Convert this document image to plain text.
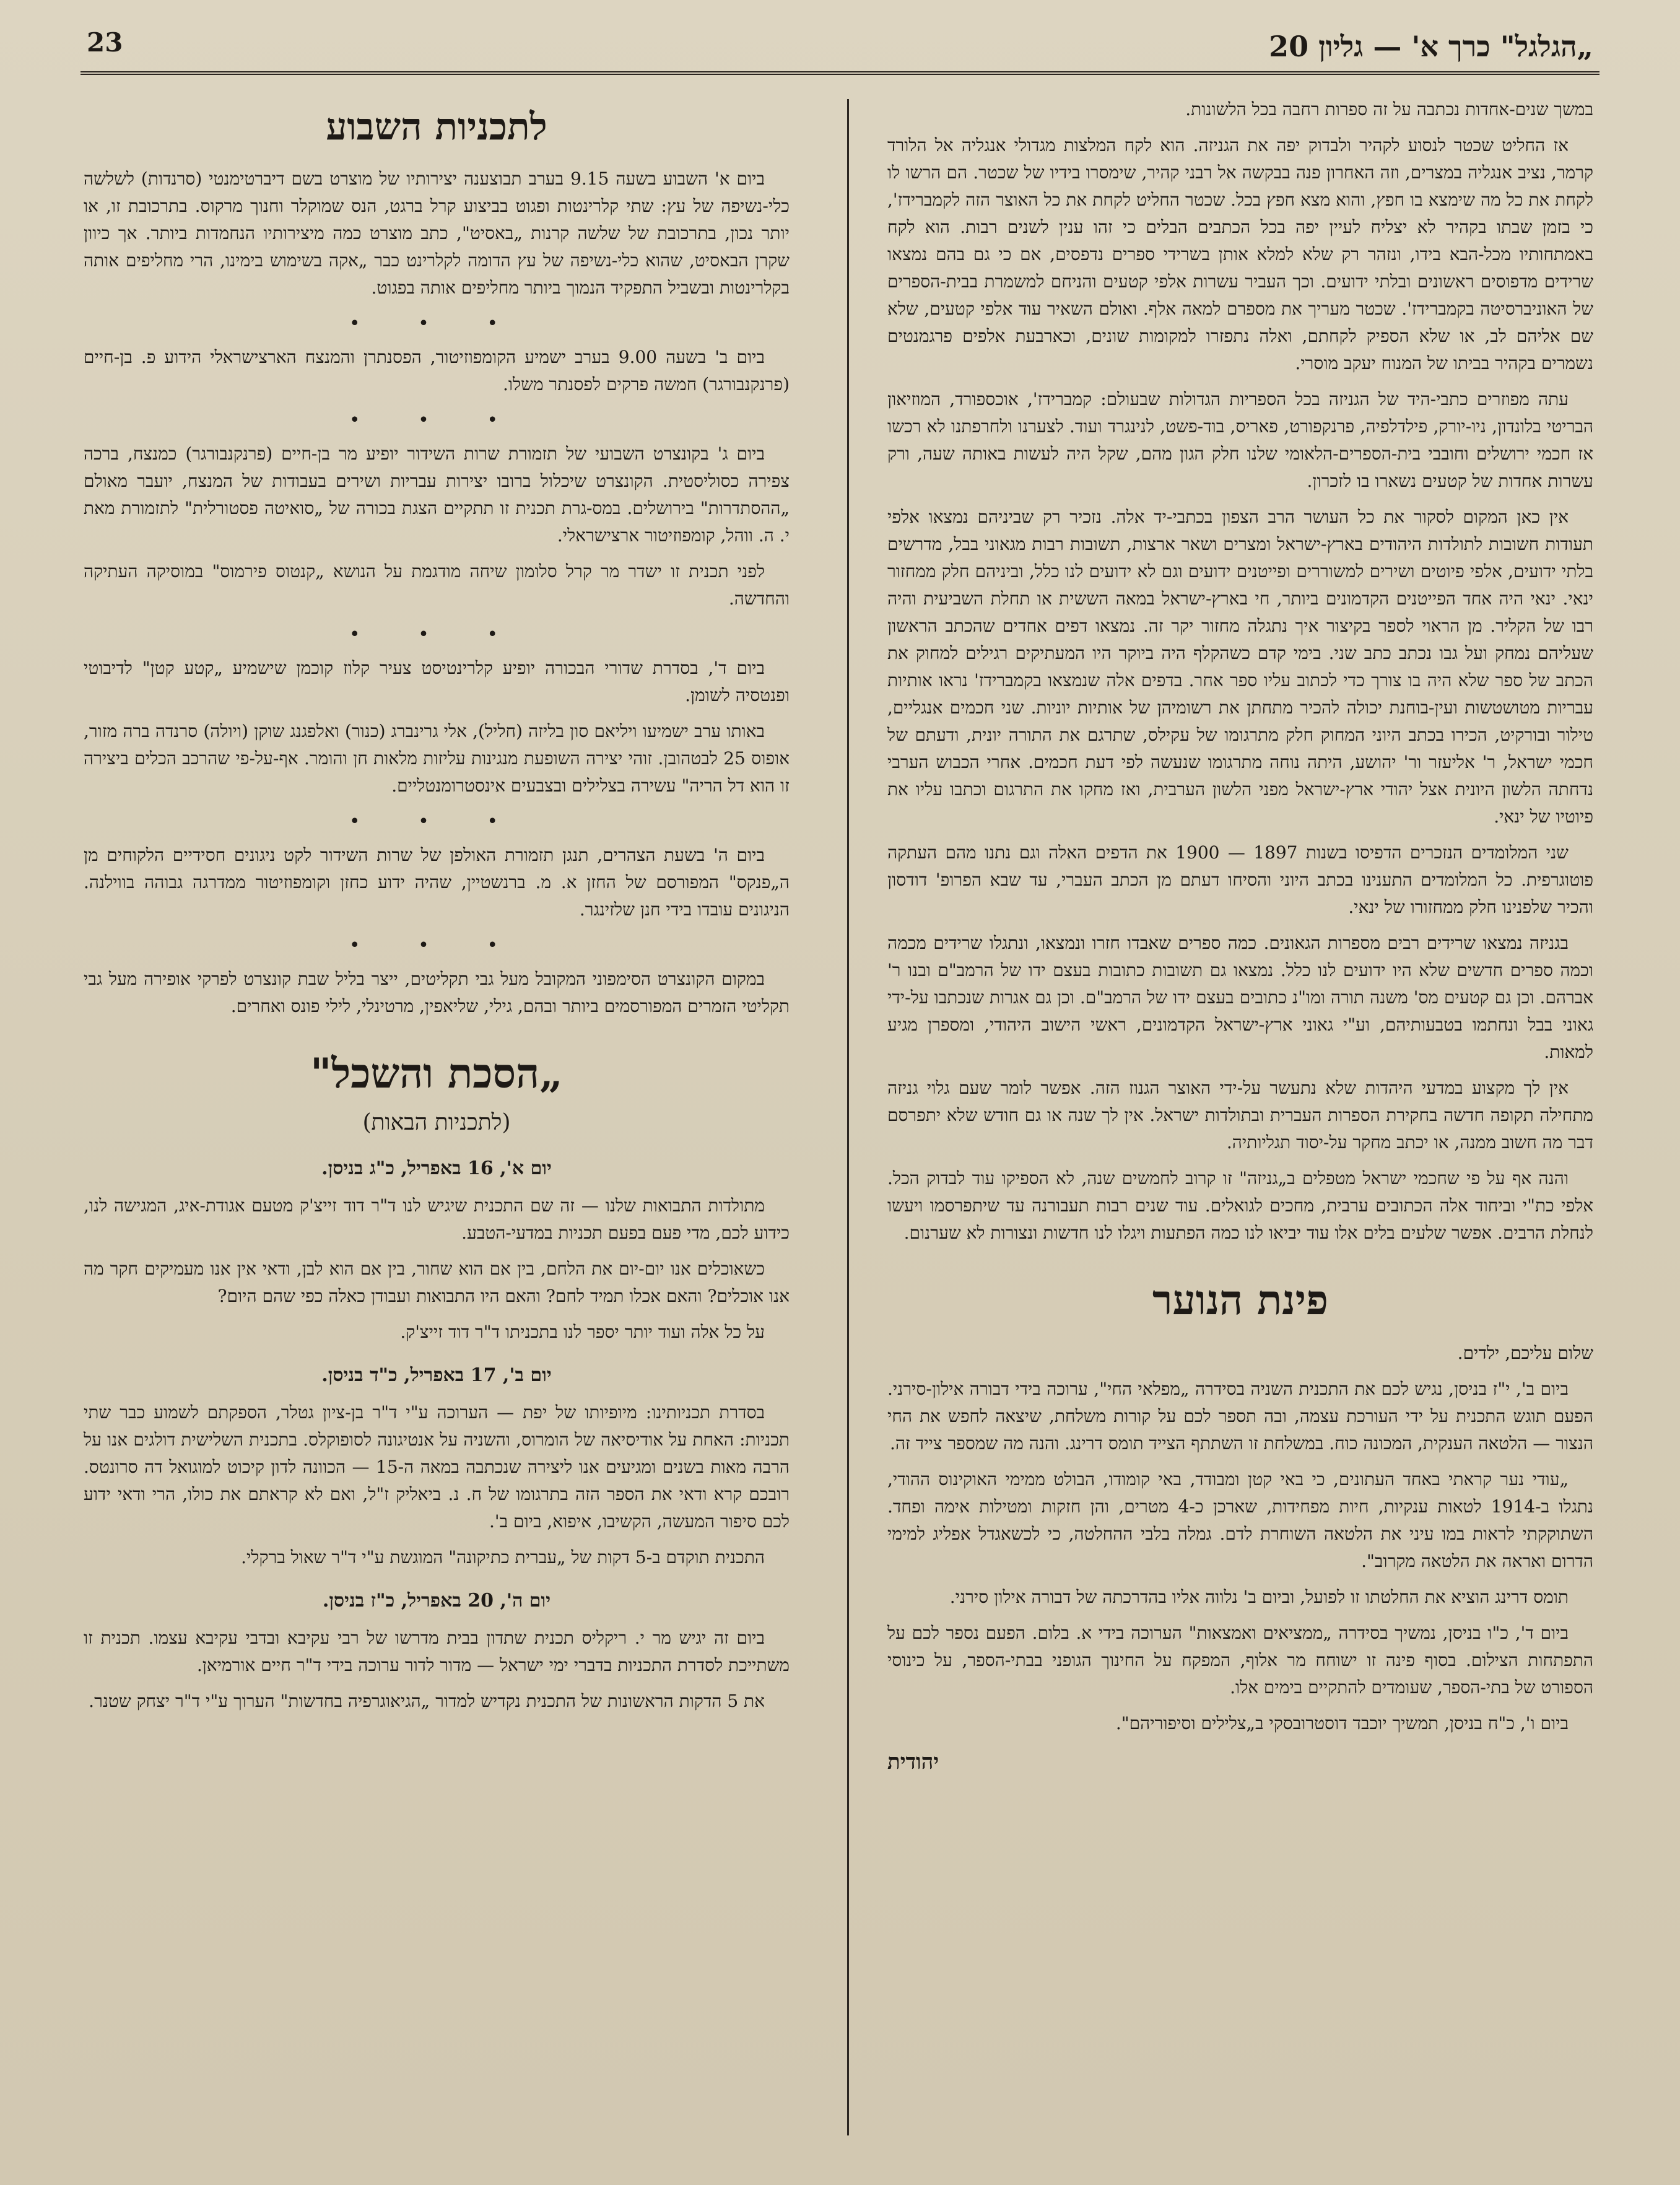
23	„הגלגל" כרך א' — גליון 20

במשך שנים-אחדות נכתבה על זה ספרות רחבה בכל הלשונות.

אז החליט שכטר לנסוע לקהיר ולבדוק יפה את הגניזה. הוא לקח המלצות מגדולי אנגליה אל הלורד קרמר, נציב אנגליה במצרים, וזה האחרון פנה בבקשה אל רבני קהיר, שימסרו בידיו של שכטר. הם הרשו לו לקחת את כל מה שימצא בו חפץ, והוא מצא חפץ בכל. שכטר החליט לקחת את כל האוצר הזה לקמברידז', כי בזמן שבתו בקהיר לא יצליח לעיין יפה בכל הכתבים הבלים כי זהו ענין לשנים רבות. הוא לקח באמתחותיו מכל-הבא בידו, ונזהר רק שלא למלא אותן בשרידי ספרים נדפסים, אם כי גם בהם נמצאו שרידים מדפוסים ראשונים ובלתי ידועים. וכך העביר עשרות אלפי קטעים והניחם למשמרת בבית-הספרים של האוניברסיטה בקמברידז'. שכטר מעריך את מספרם למאה אלף. ואולם השאיר עוד אלפי קטעים, שלא שם אליהם לב, או שלא הספיק לקחתם, ואלה נתפזרו למקומות שונים, וכארבעת אלפים פרגמנטים נשמרים בקהיר בביתו של המנוח יעקב מוסרי.

עתה מפוזרים כתבי-היד של הגניזה בכל הספריות הגדולות שבעולם: קמברידז', אוכספורד, המוזיאון הבריטי בלונדון, ניו-יורק, פילדלפיה, פרנקפורט, פאריס, בוד-פשט, לנינגרד ועוד. לצערנו ולחרפתנו לא רכשו אז חכמי ירושלים וחובבי בית-הספרים-הלאומי שלנו חלק הגון מהם, שקל היה לעשות באותה שעה, ורק עשרות אחדות של קטעים נשארו בו לזכרון.

אין כאן המקום לסקור את כל העושר הרב הצפון בכתבי-יד אלה. נזכיר רק שביניהם נמצאו אלפי תעודות חשובות לתולדות היהודים בארץ-ישראל ומצרים ושאר ארצות, תשובות רבות מגאוני בבל, מדרשים בלתי ידועים, אלפי פיוטים ושירים למשוררים ופייטנים ידועים וגם לא ידועים לנו כלל, וביניהם חלק ממחזור ינאי. ינאי היה אחד הפייטנים הקדמונים ביותר, חי בארץ-ישראל במאה הששית או תחלת השביעית והיה רבו של הקליר. מן הראוי לספר בקיצור איך נתגלה מחזור יקר זה. נמצאו דפים אחדים שהכתב הראשון שעליהם נמחק ועל גבו נכתב כתב שני. בימי קדם כשהקלף היה ביוקר היו המעתיקים רגילים למחוק את הכתב של ספר שלא היה בו צורך כדי לכתוב עליו ספר אחר. בדפים אלה שנמצאו בקמברידז' נראו אותיות עבריות מטושטשות ועין-בוחנת יכולה להכיר מתחתן את רשומיהן של אותיות יוניות. שני חכמים אנגליים, טילור ובורקיט, הכירו בכתב היוני המחוק חלק מתרגומו של עקילס, שתרגם את התורה יונית, ודעתם של חכמי ישראל, ר' אליעזר ור' יהושע, היתה נוחה מתרגומו שנעשה לפי דעת חכמים. אחרי הכבוש הערבי נדחתה הלשון היונית אצל יהודי ארץ-ישראל מפני הלשון הערבית, ואז מחקו את התרגום וכתבו עליו את פיוטיו של ינאי.

שני המלומדים הנזכרים הדפיסו בשנות 1897 — 1900 את הדפים האלה וגם נתנו מהם העתקה פוטוגרפית. כל המלומדים התענינו בכתב היוני והסיחו דעתם מן הכתב העברי, עד שבא הפרופ' דודסון והכיר שלפנינו חלק ממחזורו של ינאי.

בגניזה נמצאו שרידים רבים מספרות הגאונים. כמה ספרים שאבדו חזרו ונמצאו, ונתגלו שרידים מכמה וכמה ספרים חדשים שלא היו ידועים לנו כלל. נמצאו גם תשובות כתובות בעצם ידו של הרמב"ם ובנו ר' אברהם. וכן גם קטעים מס' משנה תורה ומו"נ כתובים בעצם ידו של הרמב"ם. וכן גם אגרות שנכתבו על-ידי גאוני בבל ונחתמו בטבעותיהם, וע"י גאוני ארץ-ישראל הקדמונים, ראשי הישוב היהודי, ומספרן מגיע למאות.

אין לך מקצוע במדעי היהדות שלא נתעשר על-ידי האוצר הגנוז הזה. אפשר לומר שעם גלוי גניזה מתחילה תקופה חדשה בחקירת הספרות העברית ובתולדות ישראל. אין לך שנה או גם חודש שלא יתפרסם דבר מה חשוב ממנה, או יכתב מחקר על-יסוד תגליותיה.

והנה אף על פי שחכמי ישראל מטפלים ב„גניזה" זו קרוב לחמשים שנה, לא הספיקו עוד לבדוק הכל. אלפי כת"י וביחוד אלה הכתובים ערבית, מחכים לגואלים. עוד שנים רבות תעבורנה עד שיתפרסמו ויעשו לנחלת הרבים. אפשר שלעים בלים אלו עוד יביאו לנו כמה הפתעות ויגלו לנו חדשות ונצורות לא שערנום.

פינת הנוער

שלום עליכם, ילדים.

ביום ב', י"ז בניסן, נגיש לכם את התכנית השניה בסידרה „מפלאי החי", ערוכה בידי דבורה אילון-סירני. הפעם תוגש התכנית על ידי העורכת עצמה, ובה תספר לכם על קורות משלחת, שיצאה לחפש את החי הנצור — הלטאה הענקית, המכונה כוח. במשלחת זו השתתף הצייד תומס דרינג. והנה מה שמספר צייד זה.

„עודי נער קראתי באחד העתונים, כי באי קטן ומבודד, באי קומודו, הבולט ממימי האוקינוס ההודי, נתגלו ב-1914 לטאות ענקיות, חיות מפחידות, שארכן כ-4 מטרים, והן חזקות ומטילות אימה ופחד. השתוקקתי לראות במו עיני את הלטאה השוחרת לדם. גמלה בלבי ההחלטה, כי לכשאגדל אפליג למימי הדרום ואראה את הלטאה מקרוב".

תומס דרינג הוציא את החלטתו זו לפועל, וביום ב' נלווה אליו בהדרכתה של דבורה אילון סירני.

ביום ד', כ"ו בניסן, נמשיך בסידרה „ממציאים ואמצאות" הערוכה בידי א. בלום. הפעם נספר לכם על התפתחות הצילום. בסוף פינה זו ישוחח מר אלוף, המפקח על החינוך הגופני בבתי-הספר, על כינוסי הספורט של בתי-הספר, שעומדים להתקיים בימים אלו.

ביום ו', כ"ח בניסן, תמשיך יוכבד דוסטרובסקי ב„צלילים וסיפוריהם".

יהודית
לתכניות השבוע

ביום א' השבוע בשעה 9.15 בערב תבוצענה יצירותיו של מוצרט בשם דיברטימנטי (סרנדות) לשלשה כלי-נשיפה של עץ: שתי קלרינטות ופגוט בביצוע קרל ברגט, הנס שמוקלר וחנוך מרקוס. בתרכובת זו, או יותר נכון, בתרכובת של שלשה קרנות „באסיט", כתב מוצרט כמה מיצירותיו הנחמדות ביותר. אך כיוון שקרן הבאסיט, שהוא כלי-נשיפה של עץ הדומה לקלרינט כבר „אקה בשימוש בימינו, הרי מחליפים אותה בקלרינטות ובשביל התפקיד הנמוך ביותר מחליפים אותה בפגוט.

• • •

ביום ב' בשעה 9.00 בערב ישמיע הקומפוזיטור, הפסנתרן והמנצח הארצישראלי הידוע פ. בן-חיים (פרנקנבורגר) חמשה פרקים לפסנתר משלו.

• • •

ביום ג' בקונצרט השבועי של תזמורת שרות השידור יופיע מר בן-חיים (פרנקנבורגר) כמנצח, ברכה צפירה כסוליסטית. הקונצרט שיכלול ברובו יצירות עבריות ושירים בעבודות של המנצח, יועבר מאולם „ההסתדרות" בירושלים. במס-גרת תכנית זו תתקיים הצגת בכורה של „סואיטה פסטורלית" לתזמורת מאת י. ה. ווהל, קומפוזיטור ארצישראלי.

לפני תכנית זו ישדר מר קרל סלומון שיחה מודגמת על הנושא „קנטוס פירמוס" במוסיקה העתיקה והחדשה.

• • •

ביום ד', בסדרת שדורי הבכורה יופיע קלרינטיסט צעיר קלוז קוכמן שישמיע „קטע קטן" לדיבוטי ופנטסיה לשומן.

באותו ערב ישמיעו ויליאם סון בליזה (חליל), אלי גרינברג (כנור) ואלפגנג שוקן (ויולה) סרנדה ברה מזור, אופוס 25 לבטהובן. זוהי יצירה השופעת מנגינות עליזות מלאות חן והומר. אף-על-פי שהרכב הכלים ביצירה זו הוא דל הריה" עשירה בצלילים ובצבעים אינסטרומנטליים.

• • •

ביום ה' בשעת הצהרים, תנגן תזמורת האולפן של שרות השידור לקט ניגונים חסידיים הלקוחים מן ה„פנקס" המפורסם של החזן א. מ. ברנשטיין, שהיה ידוע כחזן וקומפוזיטור ממדרגה גבוהה בווילנה. הניגונים עובדו בידי חנן שלזינגר.

• • •

במקום הקונצרט הסימפוני המקובל מעל גבי תקליטים, ייצר בליל שבת קונצרט לפרקי אופירה מעל גבי תקליטי הזמרים המפורסמים ביותר ובהם, גילי, שליאפין, מרטינלי, לילי פונס ואחרים.

„הסכת והשכל"
(לתכניות הבאות)
יום א', 16 באפריל, כ"ג בניסן.

מתולדות התבואות שלנו — זה שם התכנית שיגיש לנו ד"ר דוד זייצ'ק מטעם אגודת-איג, המגישה לנו, כידוע לכם, מדי פעם בפעם תכניות במדעי-הטבע.

כשאוכלים אנו יום-יום את הלחם, בין אם הוא שחור, בין אם הוא לבן, ודאי אין אנו מעמיקים חקר מה אנו אוכלים? והאם אכלו תמיד לחם? והאם היו התבואות ועבודן כאלה כפי שהם היום?

על כל אלה ועוד יותר יספר לנו בתכניתו ד"ר דוד זייצ'ק.

יום ב', 17 באפריל, כ"ד בניסן.

בסדרת תכניותינו: מיופיותו של יפת — הערוכה ע"י ד"ר בן-ציון גטלר, הספקתם לשמוע כבר שתי תכניות: האחת על אודיסיאה של הומרוס, והשניה על אנטיגונה לסופוקלס. בתכנית השלישית דולגים אנו על הרבה מאות בשנים ומגיעים אנו ליצירה שנכתבה במאה ה-15 — הכוונה לדון קיכוט למוגואל דה סרונטס. רובכם קרא ודאי את הספר הזה בתרגומו של ח. נ. ביאליק ז"ל, ואם לא קראתם את כולו, הרי ודאי ידוע לכם סיפור המעשה, הקשיבו, איפוא, ביום ב'.

התכנית תוקדם ב-5 דקות של „עברית כתיקונה" המוגשת ע"י ד"ר שאול ברקלי.

יום ה', 20 באפריל, כ"ז בניסן.

ביום זה יגיש מר י. ריקליס תכנית שתדון בבית מדרשו של רבי עקיבא ובדבי עקיבא עצמו. תכנית זו משתייכת לסדרת התכניות בדברי ימי ישראל — מדור לדור ערוכה בידי ד"ר חיים אורמיאן.

את 5 הדקות הראשונות של התכנית נקדיש למדור „הגיאוגרפיה בחדשות" הערוך ע"י ד"ר יצחק שטנר.
